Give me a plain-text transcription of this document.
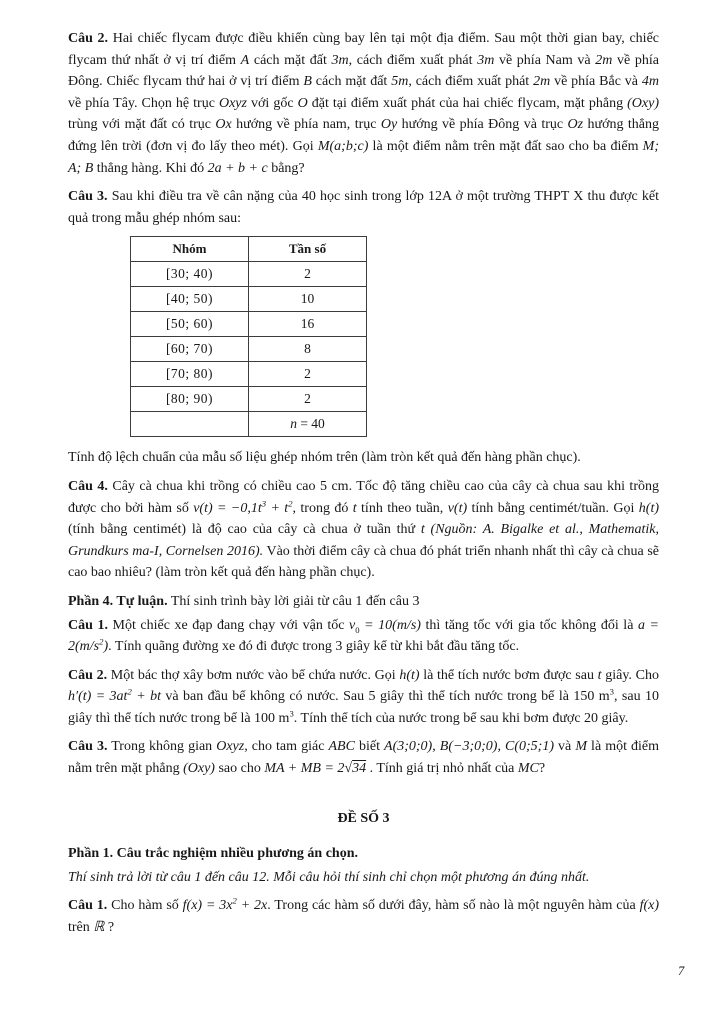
Câu 2. Hai chiếc flycam được điều khiển cùng bay lên tại một địa điểm. Sau một thời gian bay, chiếc flycam thứ nhất ở vị trí điểm A cách mặt đất 3m, cách điểm xuất phát 3m về phía Nam và 2m về phía Đông. Chiếc flycam thứ hai ở vị trí điểm B cách mặt đất 5m, cách điểm xuất phát 2m về phía Bắc và 4m về phía Tây. Chọn hệ trục Oxyz với gốc O đặt tại điểm xuất phát của hai chiếc flycam, mặt phẳng (Oxy) trùng với mặt đất có trục Ox hướng về phía nam, trục Oy hướng về phía Đông và trục Oz hướng thẳng đứng lên trời (đơn vị đo lấy theo mét). Gọi M(a;b;c) là một điểm nằm trên mặt đất sao cho ba điểm M; A; B thẳng hàng. Khi đó 2a + b + c bằng?
Câu 3. Sau khi điều tra về cân nặng của 40 học sinh trong lớp 12A ở một trường THPT X thu được kết quả trong mẫu ghép nhóm sau:
Nhóm	Tần số
[30; 40)	2
[40; 50)	10
[50; 60)	16
[60; 70)	8
[70; 80)	2
[80; 90)	2
	n = 40
Tính độ lệch chuẩn của mẫu số liệu ghép nhóm trên (làm tròn kết quả đến hàng phần chục).
Câu 4. Cây cà chua khi trồng có chiều cao 5 cm. Tốc độ tăng chiều cao của cây cà chua sau khi trồng được cho bởi hàm số $v(t) = -0,1t^3 + t^2$, trong đó t tính theo tuần, v(t) tính bằng centimét/tuần. Gọi h(t) (tính bằng centimét) là độ cao của cây cà chua ở tuần thứ t (Nguồn: A. Bigalke et al., Mathematik, Grundkurs ma-I, Cornelsen 2016). Vào thời điểm cây cà chua đó phát triển nhanh nhất thì cây cà chua sẽ cao bao nhiêu? (làm tròn kết quả đến hàng phần chục).
Phần 4. Tự luận. Thí sinh trình bày lời giải từ câu 1 đến câu 3
Câu 1. Một chiếc xe đạp đang chạy với vận tốc $v_0 = 10(m/s)$ thì tăng tốc với gia tốc không đổi là $a = 2(m/s^2)$. Tính quãng đường xe đó đi được trong 3 giây kể từ khi bắt đầu tăng tốc.
Câu 2. Một bác thợ xây bơm nước vào bể chứa nước. Gọi h(t) là thể tích nước bơm được sau t giây. Cho $h'(t) = 3at^2$ + bt và ban đầu bể không có nước. Sau 5 giây thì thể tích nước trong bể là 150 $m^3$, sau 10 giây thì thể tích nước trong bể là 100 $m^3$. Tính thể tích của nước trong bể sau khi bơm được 20 giây.
Câu 3. Trong không gian Oxyz, cho tam giác ABC biết A(3;0;0), B(−3;0;0), C(0;5;1) và M là một điểm nằm trên mặt phẳng (Oxy) sao cho MA + MB = 2√34 . Tính giá trị nhỏ nhất của MC?
ĐỀ SỐ 3
Phần 1. Câu trắc nghiệm nhiều phương án chọn.
Thí sinh trả lời từ câu 1 đến câu 12. Mỗi câu hỏi thí sinh chỉ chọn một phương án đúng nhất.
Câu 1. Cho hàm số $f(x) = 3x^2 + 2x$. Trong các hàm số dưới đây, hàm số nào là một nguyên hàm của f(x) trên ℝ ?
7
